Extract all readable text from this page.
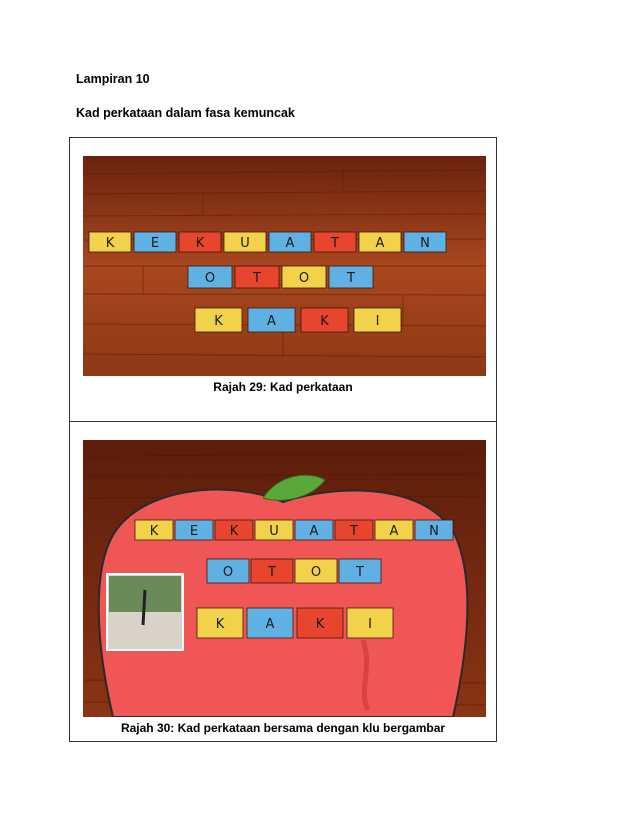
Lampiran 10

Kad perkataan dalam fasa kemuncak

K	E	K	U	A	T	A	N
O	T	O	T
K	A	K	I
Rajah 29: Kad perkataan
K E K U A T A N
O	T	O	T
K	A	K	I
Rajah 30: Kad perkataan bersama dengan klu bergambar
